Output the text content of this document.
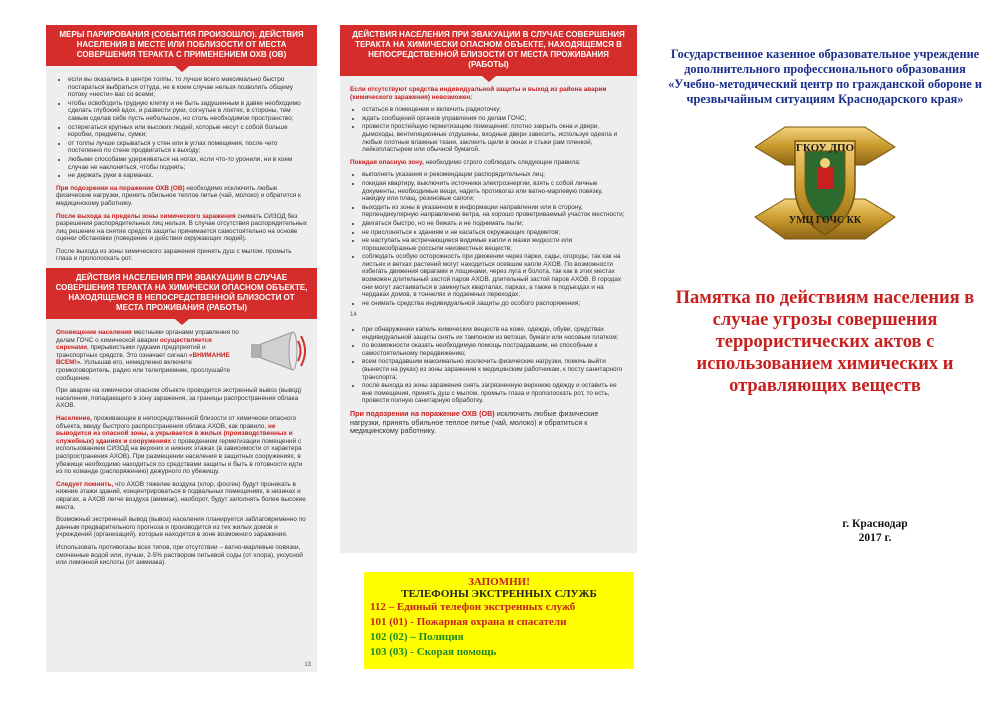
МЕРЫ ПАРИРОВАНИЯ (СОБЫТИЯ ПРОИЗОШЛО). ДЕЙСТВИЯ НАСЕЛЕНИЯ В МЕСТЕ ИЛИ ПОБЛИЗОСТИ ОТ МЕСТА СОВЕРШЕНИЯ ТЕРАКТА С ПРИМЕНЕНИЕМ ОХВ (ОВ)
• если вы оказались в центре толпы, то лучше всего максимально быстро постараться выбраться оттуда, не в коем случае нельзя позволить общему потоку «нести» вас со всеми;
• чтобы освободить грудную клетку и не быть задушенным в давке необходимо сделать глубокий вдох, и развести руки, согнутые в локтях, в стороны, тем самым сделав себе пусть небольшое, но столь необходимое пространство;
• остерегаться крупных или высоких людей, которые несут с собой больше коробки, предметы, сумки;
• от толпы лучше скрываться у стен или в углах помещения, после чего постепенно по стене продвигаться к выходу;
• любыми способами удерживаться на ногах, если что-то уронили, ни в коем случае не наклоняться, чтобы поднять;
• не держать руки в карманах.

При подозрении на поражение ОХВ (ОВ) необходимо исключить любые физические нагрузки, принять обильное теплое питье (чай, молоко) и обратится к медицинскому работнику.

После выхода за пределы зоны химического заражения снимать СИЗОД без разрешения распорядительных лиц нельзя. В случае отсутствия распорядительных лиц решение на снятие средств защиты принимается самостоятельно на основе оценки обстановки (поведение и действия окружающих людей).

После выхода из зоны химического заражения принять душ с мылом, промыть глаза и прополоскать рот.

ДЕЙСТВИЯ НАСЕЛЕНИЯ ПРИ ЭВАКУАЦИИ В СЛУЧАЕ СОВЕРШЕНИЯ ТЕРАКТА НА ХИМИЧЕСКИ ОПАСНОМ ОБЪЕКТЕ, НАХОДЯЩЕМСЯ В НЕПОСРЕДСТВЕННОЙ БЛИЗОСТИ ОТ МЕСТА ПРОЖИВАНИЯ (РАБОТЫ)

Оповещение населения местными органами управления по делам ГОЧС о химической аварии осуществляется сиренами, прерывистыми гудками предприятий и транспортных средств. Это означает сигнал «ВНИМАНИЕ ВСЕМ!». Услышав его, немедленно включите громкоговоритель, радио или телеприемник, прослушайте сообщение.

При аварии на химически опасном объекте проводится экстренный вывоз (вывод) населения, попадающего в зону заражения, за границы распространения облака АХОВ.

Население, проживающее в непосредственной близости от химически опасного объекта, ввиду быстрого распространения облака АХОВ, как правило, не выводится из опасной зоны, а укрывается в жилых (производственных и служебных) зданиях и сооружениях с проведением герметизации помещений с использованием СИЗОД на верхних и нижних этажах (в зависимости от характера распространения АХОВ). При размещении населения в защитных сооружениях, в убежище необходимо находиться со средствами защиты и быть в готовности идти из по команде (распоряжению) дежурного по убежищу.

Следует помнить, что АХОВ тяжелее воздуха (хлор, фосген) будут проникать в нижние этажи зданий, концентрироваться в подвальных помещениях, в низинах и оврагах, а АХОВ легче воздуха (аммиак), наоборот, будут заполнять более высокие места.

Возможный экстренный вывод (вывоз) населения планируется заблаговременно по данным предварительного прогноза и производится из тех жилых домов и учреждений (организаций), которые находятся в зоне возможного заражения.

Использовать противогазы всех типов, при отсутствии – ватно-марлевые повязки, смоченные водой или, лучше, 2-5% раствором питьевой соды (от хлора), уксусной или лимонной кислоты (от аммиака).

13
ДЕЙСТВИЯ НАСЕЛЕНИЯ ПРИ ЭВАКУАЦИИ В СЛУЧАЕ СОВЕРШЕНИЯ ТЕРАКТА НА ХИМИЧЕСКИ ОПАСНОМ ОБЪЕКТЕ, НАХОДЯЩЕМСЯ В НЕПОСРЕДСТВЕННОЙ БЛИЗОСТИ ОТ МЕСТА ПРОЖИВАНИЯ (РАБОТЫ)

Если отсутствуют средства индивидуальной защиты и выход из района аварии (химического заражения) невозможен:

• остаться в помещении и включить радиоточку;
• ждать сообщений органов управления по делам ГОЧС;
• провести простейшую герметизацию помещения: плотно закрыть окна и двери, дымоходы, вентиляционные отдушины, входные двери завесить, используя одеяла и любые плотные влажные ткани, заклеить щели в окнах и стыки рам пленкой, лейкопластырем или обычной бумагой.

Покидая опасную зону, необходимо строго соблюдать следующие правила:

• выполнять указания и рекомендации распорядительных лиц;
• покидая квартиру, выключить источники электроэнергии, взять с собой личные документы, необходимые вещи, надеть противогаз или ватно-марлевую повязку, накидку или плащ, резиновые сапоги;
• выходить из зоны в указанном в информации направлении или в сторону, перпендикулярную направлению ветра, на хорошо проветриваемый участок местности;
• двигаться быстро, но не бежать и не поднимать пыли;
• не прислоняться к зданиям и не касаться окружающих предметов;
• не наступать на встречающиеся видимые капли и мазки жидкости или порошкообразные россыпи неизвестных веществ;
• соблюдать особую осторожность при движении через парки, сады, огороды, так как на листьях и ветках растений могут находиться осевшие капли АХОВ. По возможности избегать движения оврагами и лощинами, через луга и болота, так как в этих местах возможен длительный застой паров АХОВ. длительный застой паров АХОВ. В городах они могут застаиваться в замкнутых кварталах, парках, а также в подъездах и на чердаках домов, в тоннелях и подземных переходах;
• не снимать средства индивидуальной защиты до особого распоряжения;
14
• при обнаружении капель химических веществ на коже, одежде, обуви, средствах индивидуальной защиты снять их тампоном из ветоши, бумаги или носовым платком;
• по возможности оказать необходимую помощь пострадавшим, не способным к самостоятельному передвижению;
• всем пострадавшим максимально исключить физические нагрузки, помочь выйти (вынести на руках) из зоны заражения к медицинским работникам, к посту санитарного транспорта;
• после выхода из зоны заражения снять загрязненную верхнюю одежду и оставить ее вне помещения, принять душ с мылом, промыть глаза и прополоскать рот, то есть, провести полную санитарную обработку.

При подозрении на поражение ОХВ (ОВ) исключить любые физические нагрузки, принять обильное теплое питье (чай, молоко) и обратиться к медицинскому работнику.

ЗАПОМНИ!
ТЕЛЕФОНЫ ЭКСТРЕННЫХ СЛУЖБ
112 – Единый телефон экстренных служб
101 (01) - Пожарная охрана и спасатели
102 (02) – Полиция
103 (03) - Скорая помощь
Государственное казенное образовательное учреждение дополнительного профессионального образования «Учебно-методический центр по гражданской обороне и чрезвычайным ситуациям Краснодарского края»
ГКОУ ДПО
УМЦ ГОЧС КК
Памятка по действиям населения в случае угрозы совершения террористических актов с использованием химических и отравляющих веществ
г. Краснодар
2017 г.
